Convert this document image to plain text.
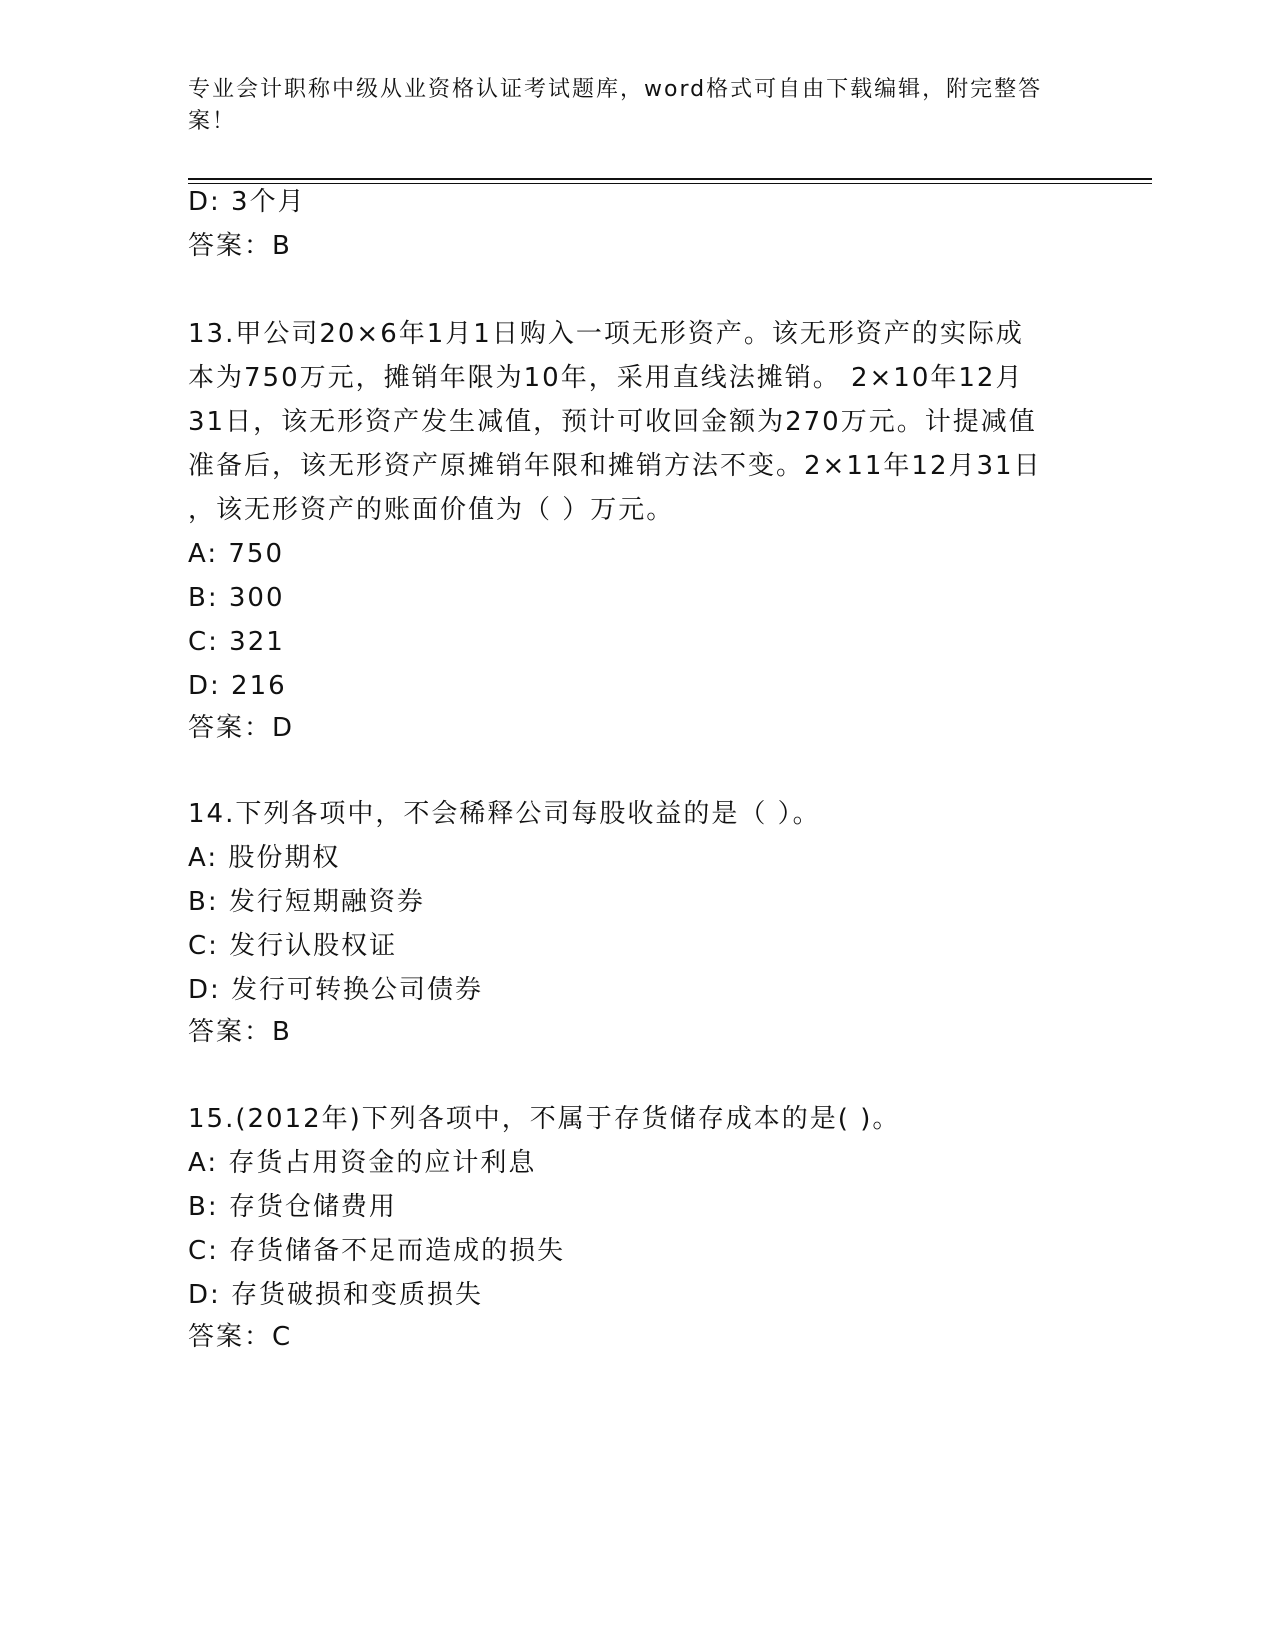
专业会计职称中级从业资格认证考试题库，word格式可自由下载编辑，附完整答案！
D: 3个月
答案：B
13.甲公司20×6年1月1日购入一项无形资产。该无形资产的实际成
本为750万元，摊销年限为10年，采用直线法摊销。 2×10年12月
31日，该无形资产发生减值，预计可收回金额为270万元。计提减值
准备后，该无形资产原摊销年限和摊销方法不变。2×11年12月31日
，该无形资产的账面价值为（ ）万元。
A: 750
B: 300
C: 321
D: 216
答案：D
14.下列各项中，不会稀释公司每股收益的是（ ）。
A: 股份期权
B: 发行短期融资券
C: 发行认股权证
D: 发行可转换公司债券
答案：B
15.(2012年)下列各项中，不属于存货储存成本的是( )。
A: 存货占用资金的应计利息
B: 存货仓储费用
C: 存货储备不足而造成的损失
D: 存货破损和变质损失
答案：C
